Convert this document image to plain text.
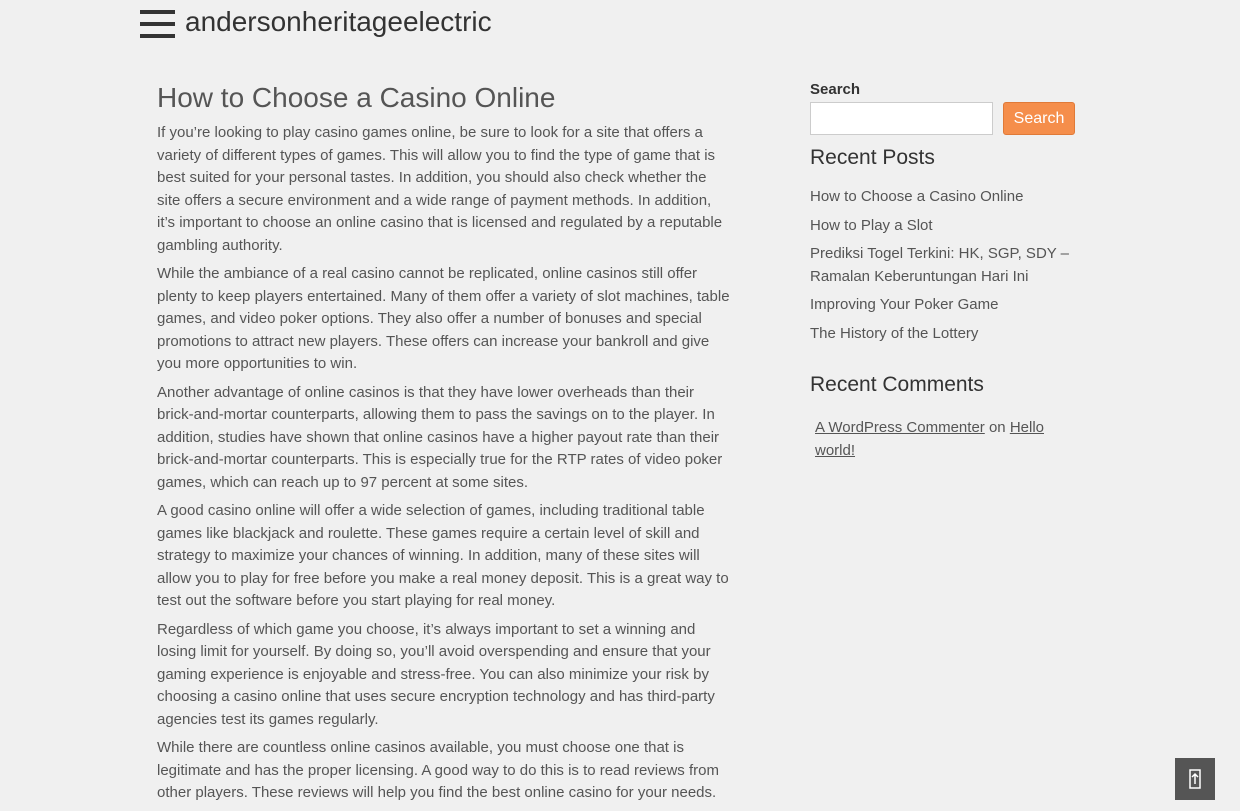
andersonheritageelectric
How to Choose a Casino Online

If you’re looking to play casino games online, be sure to look for a site that offers a variety of different types of games. This will allow you to find the type of game that is best suited for your personal tastes. In addition, you should also check whether the site offers a secure environment and a wide range of payment methods. In addition, it’s important to choose an online casino that is licensed and regulated by a reputable gambling authority.

While the ambiance of a real casino cannot be replicated, online casinos still offer plenty to keep players entertained. Many of them offer a variety of slot machines, table games, and video poker options. They also offer a number of bonuses and special promotions to attract new players. These offers can increase your bankroll and give you more opportunities to win.

Another advantage of online casinos is that they have lower overheads than their brick-and-mortar counterparts, allowing them to pass the savings on to the player. In addition, studies have shown that online casinos have a higher payout rate than their brick-and-mortar counterparts. This is especially true for the RTP rates of video poker games, which can reach up to 97 percent at some sites.

A good casino online will offer a wide selection of games, including traditional table games like blackjack and roulette. These games require a certain level of skill and strategy to maximize your chances of winning. In addition, many of these sites will allow you to play for free before you make a real money deposit. This is a great way to test out the software before you start playing for real money.

Regardless of which game you choose, it’s always important to set a winning and losing limit for yourself. By doing so, you’ll avoid overspending and ensure that your gaming experience is enjoyable and stress-free. You can also minimize your risk by choosing a casino online that uses secure encryption technology and has third-party agencies test its games regularly.

While there are countless online casinos available, you must choose one that is legitimate and has the proper licensing. A good way to do this is to read reviews from other players. These reviews will help you find the best online casino for your needs.

Search
Search
Recent Posts
How to Choose a Casino Online
How to Play a Slot
Prediksi Togel Terkini: HK, SGP, SDY – Ramalan Keberuntungan Hari Ini
Improving Your Poker Game
The History of the Lottery
Recent Comments
A WordPress Commenter on Hello world!
